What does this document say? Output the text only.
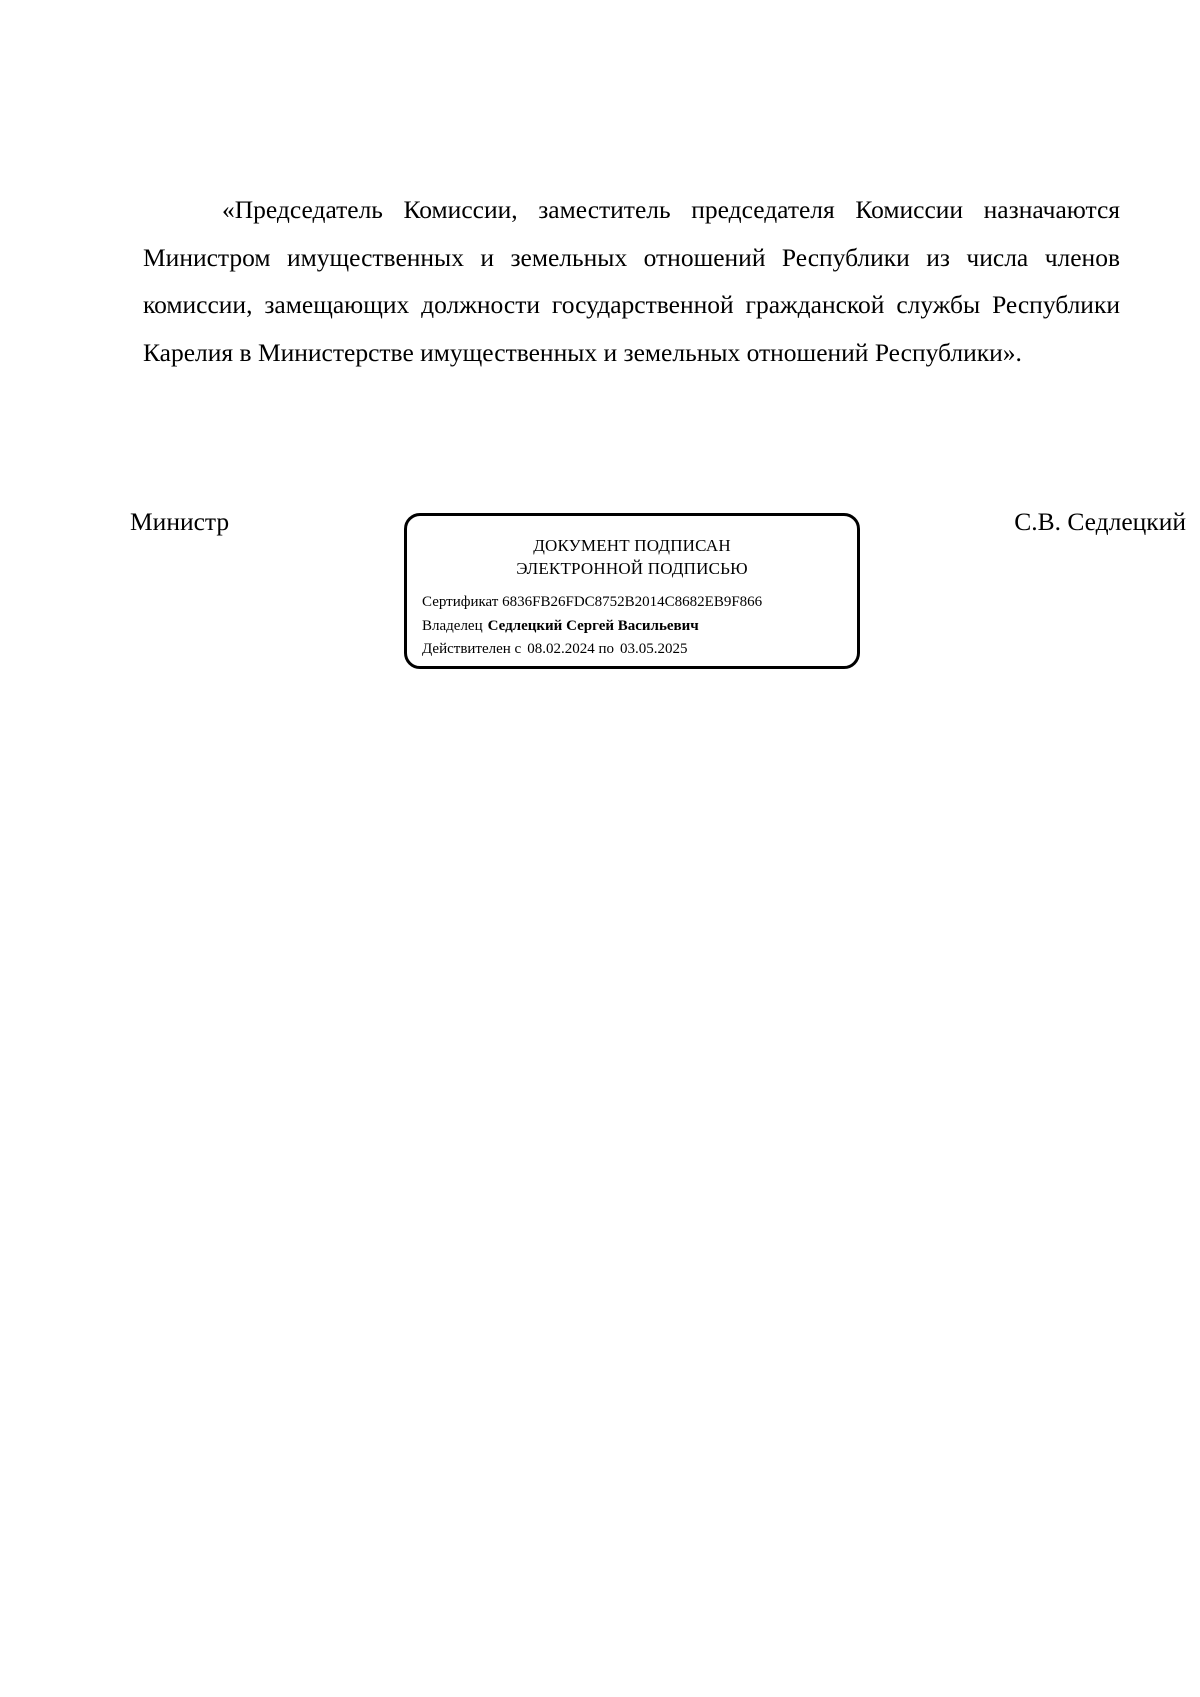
«Председатель Комиссии, заместитель председателя Комиссии назначаются Министром имущественных и земельных отношений Республики из числа членов комиссии, замещающих должности государственной гражданской службы Республики Карелия в Министерстве имущественных и земельных отношений Республики».

Министр	С.В. Седлецкий
ДОКУМЕНТ ПОДПИСАН
ЭЛЕКТРОННОЙ ПОДПИСЬЮ
Сертификат 6836FB26FDC8752B2014C8682EB9F866
Владелец Седлецкий Сергей Васильевич
Действителен с 08.02.2024 по 03.05.2025
